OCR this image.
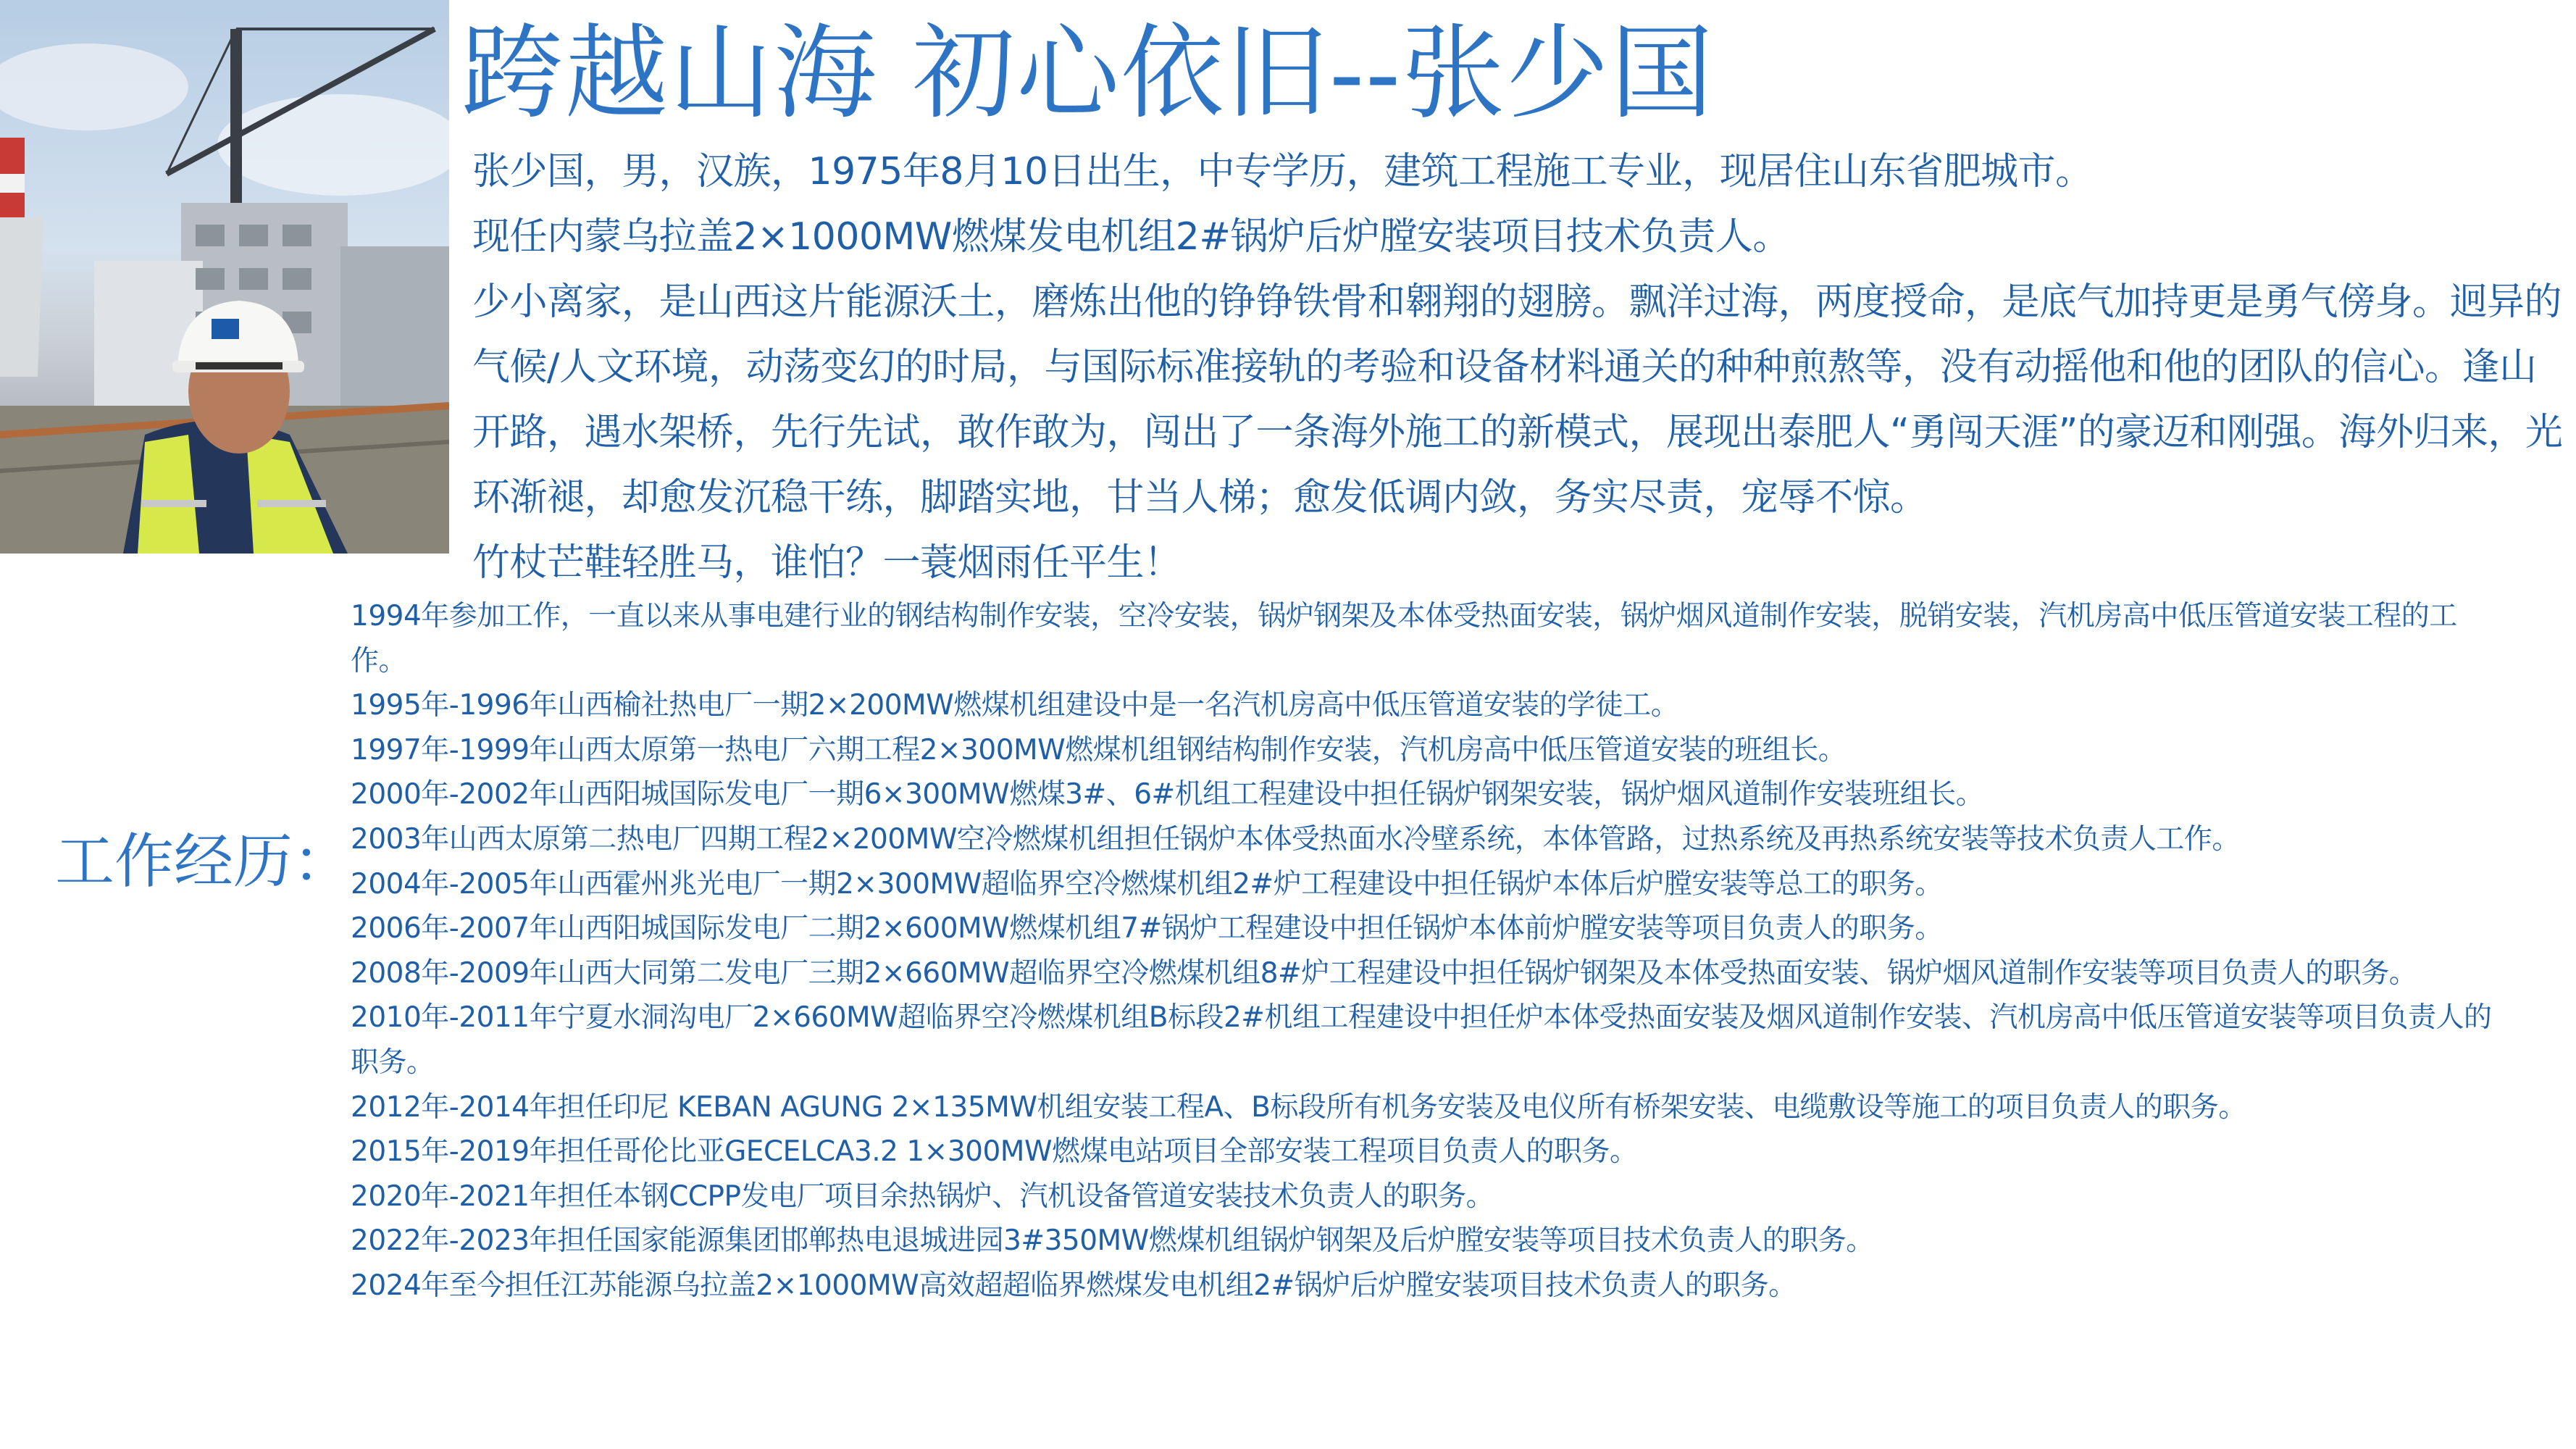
跨越山海 初心依旧--张少国

张少国，男，汉族，1975年8月10日出生，中专学历，建筑工程施工专业，现居住山东省肥城市。

现任内蒙乌拉盖2×1000MW燃煤发电机组2#锅炉后炉膛安装项目技术负责人。

少小离家，是山西这片能源沃土，磨炼出他的铮铮铁骨和翱翔的翅膀。飘洋过海，两度授命，是底气加持更是勇气傍身。迥异的气候/人文环境，动荡变幻的时局，与国际标准接轨的考验和设备材料通关的种种煎熬等，没有动摇他和他的团队的信心。逢山开路，遇水架桥，先行先试，敢作敢为，闯出了一条海外施工的新模式，展现出泰肥人“勇闯天涯”的豪迈和刚强。海外归来，光环渐褪，却愈发沉稳干练，脚踏实地，甘当人梯；愈发低调内敛，务实尽责，宠辱不惊。

竹杖芒鞋轻胜马，谁怕？一蓑烟雨任平生！

工作经历：

1994年参加工作，一直以来从事电建行业的钢结构制作安装，空冷安装，锅炉钢架及本体受热面安装，锅炉烟风道制作安装，脱销安装，汽机房高中低压管道安装工程的工作。

1995年-1996年山西榆社热电厂一期2×200MW燃煤机组建设中是一名汽机房高中低压管道安装的学徒工。

1997年-1999年山西太原第一热电厂六期工程2×300MW燃煤机组钢结构制作安装，汽机房高中低压管道安装的班组长。

2000年-2002年山西阳城国际发电厂一期6×300MW燃煤3#、6#机组工程建设中担任锅炉钢架安装，锅炉烟风道制作安装班组长。

2003年山西太原第二热电厂四期工程2×200MW空冷燃煤机组担任锅炉本体受热面水冷壁系统，本体管路，过热系统及再热系统安装等技术负责人工作。

2004年-2005年山西霍州兆光电厂一期2×300MW超临界空冷燃煤机组2#炉工程建设中担任锅炉本体后炉膛安装等总工的职务。

2006年-2007年山西阳城国际发电厂二期2×600MW燃煤机组7#锅炉工程建设中担任锅炉本体前炉膛安装等项目负责人的职务。

2008年-2009年山西大同第二发电厂三期2×660MW超临界空冷燃煤机组8#炉工程建设中担任锅炉钢架及本体受热面安装、锅炉烟风道制作安装等项目负责人的职务。

2010年-2011年宁夏水洞沟电厂2×660MW超临界空冷燃煤机组B标段2#机组工程建设中担任炉本体受热面安装及烟风道制作安装、汽机房高中低压管道安装等项目负责人的职务。

2012年-2014年担任印尼 KEBAN AGUNG 2×135MW机组安装工程A、B标段所有机务安装及电仪所有桥架安装、电缆敷设等施工的项目负责人的职务。

2015年-2019年担任哥伦比亚GECELCA3.2 1×300MW燃煤电站项目全部安装工程项目负责人的职务。

2020年-2021年担任本钢CCPP发电厂项目余热锅炉、汽机设备管道安装技术负责人的职务。

2022年-2023年担任国家能源集团邯郸热电退城进园3#350MW燃煤机组锅炉钢架及后炉膛安装等项目技术负责人的职务。

2024年至今担任江苏能源乌拉盖2×1000MW高效超超临界燃煤发电机组2#锅炉后炉膛安装项目技术负责人的职务。
